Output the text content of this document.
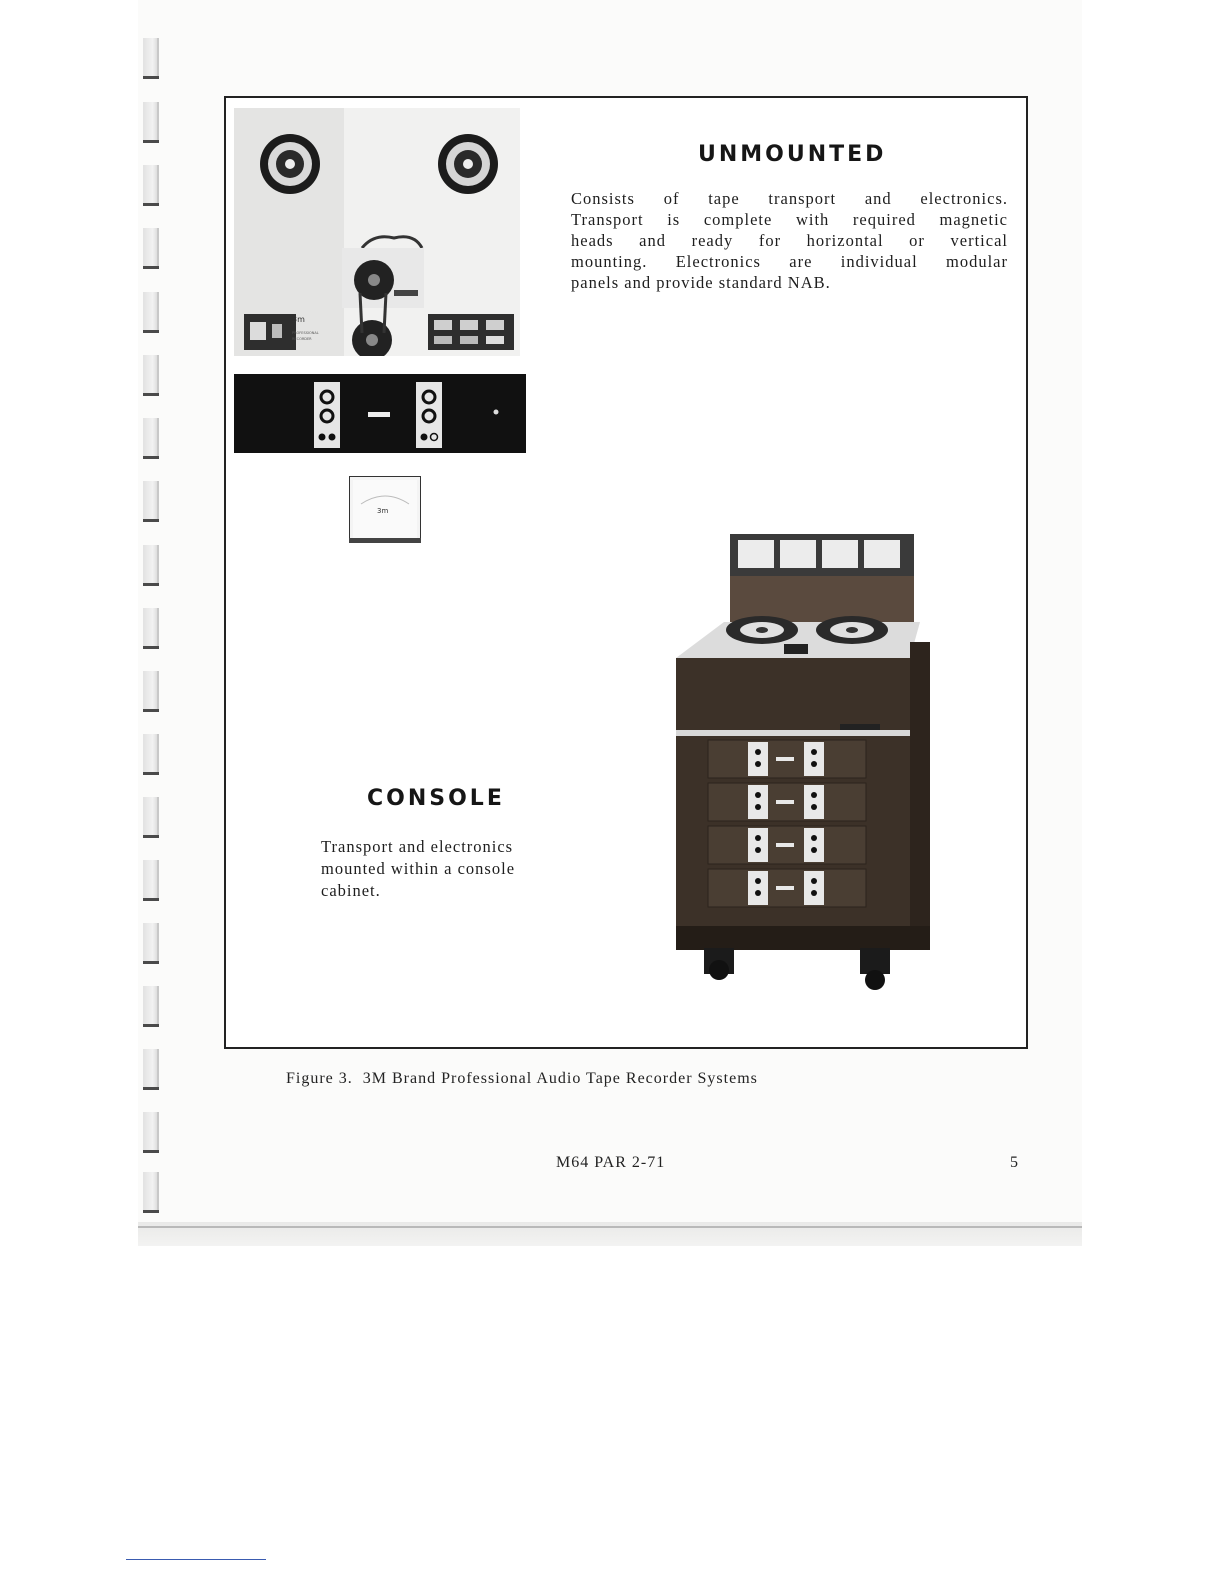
3m
PROFESSIONAL
RECORDER
3m
UNMOUNTED

Consists of tape transport and electronics.

Transport is complete with required magnetic

heads and ready for horizontal or vertical

mounting. Electronics are individual modular

panels and provide standard NAB.

CONSOLE
Transport and electronics
mounted within a console
cabinet.
Figure 3.  3M Brand Professional Audio Tape Recorder Systems
M64 PAR 2-71	5
